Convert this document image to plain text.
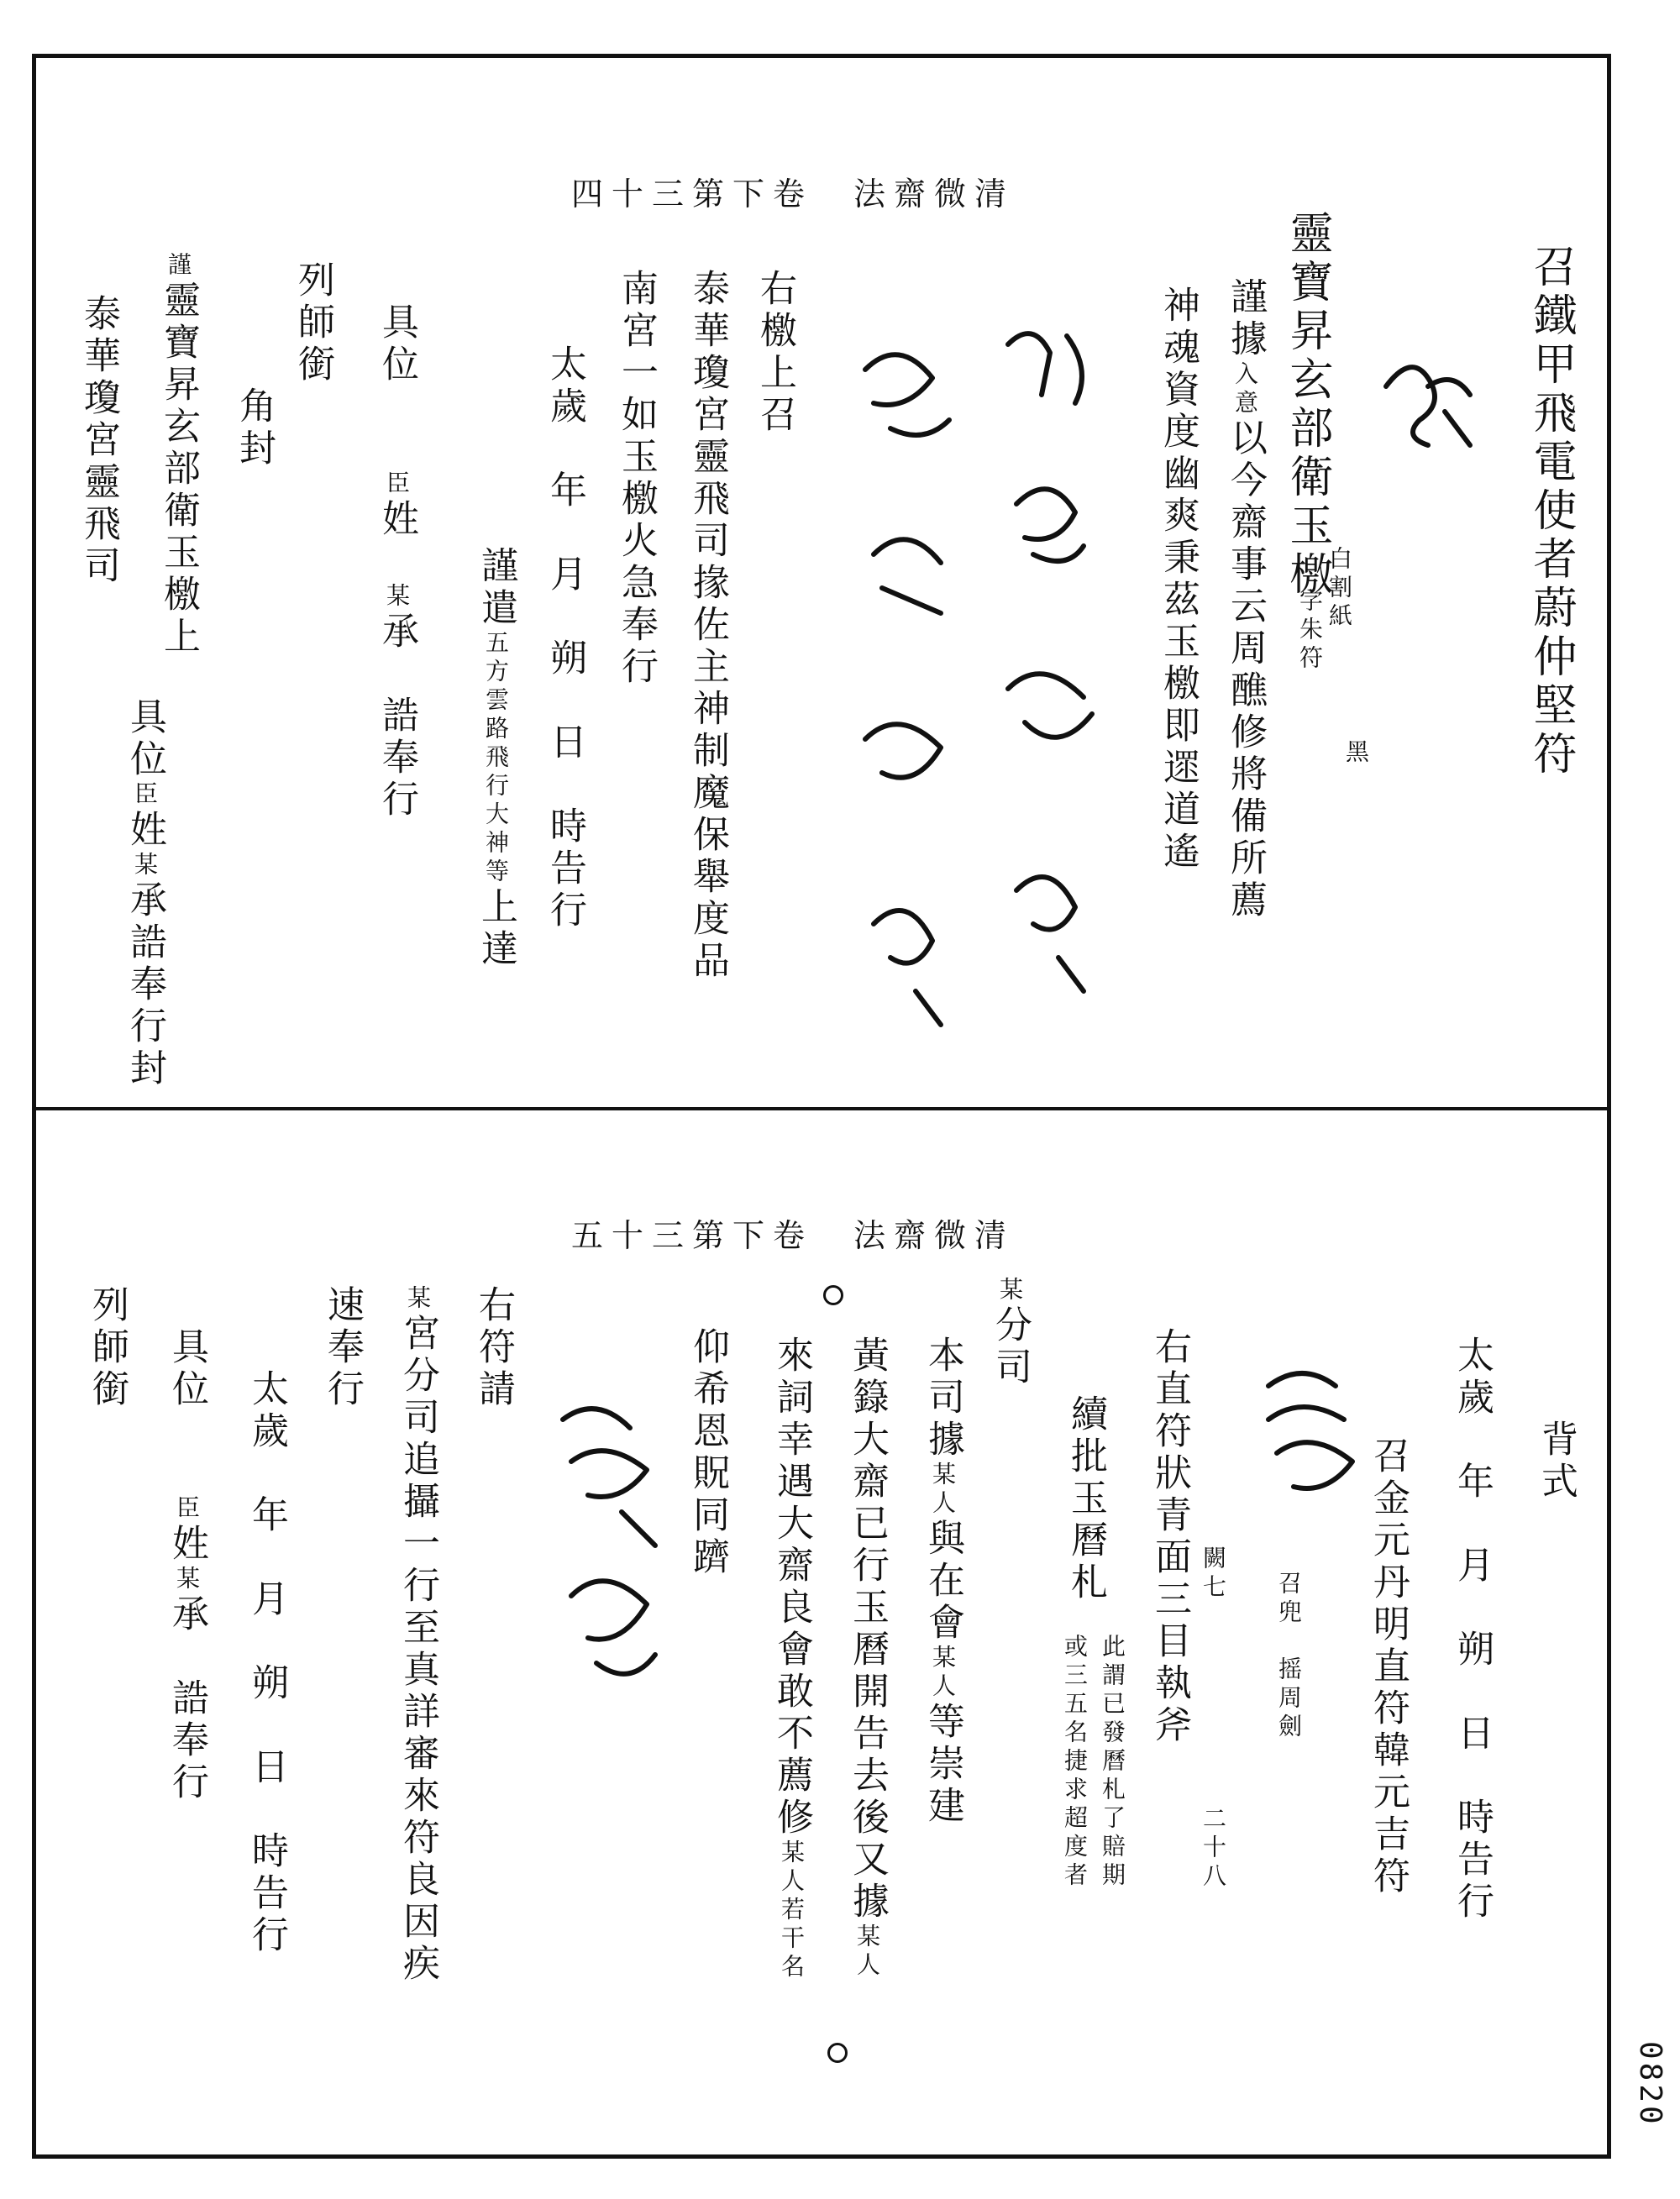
四十三第下卷　法齋微清
召鐵甲飛電使者蔚仲堅符
靈寶昇玄部衛玉檄
白割紙
字朱符
黑
謹據入意以今齋事云周醮修將備所薦
神魂資度幽爽秉茲玉檄即遝道遙
右檄上召
泰華瓊宮靈飛司掾佐主神制魔保舉度品
南宮一如玉檄火急奉行
太歲　年　月　朔　日　時告行
謹遣五方雲路飛行大神等上達
具位　　臣姓　某承　誥奉行
列師銜
角封
謹靈寶昇玄部衛玉檄上
泰華瓊宮靈飛司
具位臣姓某承誥奉行封
五十三第下卷　法齋微清
背式
太歲　年　月　朔　日　時告行
召金元丹明直符韓元吉符
召兜　摇周劍
右直符狀青面三目執斧
二十八
闕七
續批玉曆札
此謂已發曆札了賠期
或三五名捷求超度者
某分司
本司據某人與在會某人等崇建
黃籙大齋已行玉曆開告去後又據某人
來詞幸遇大齋良會敢不薦修某人若干名
仰希恩貺同躋
右符請
某宮分司追攝一行至真詳審來符良因疾
速奉行
太歲　年　月　朔　日　時告行
具位　　臣姓某承　誥奉行
列師銜
0820
